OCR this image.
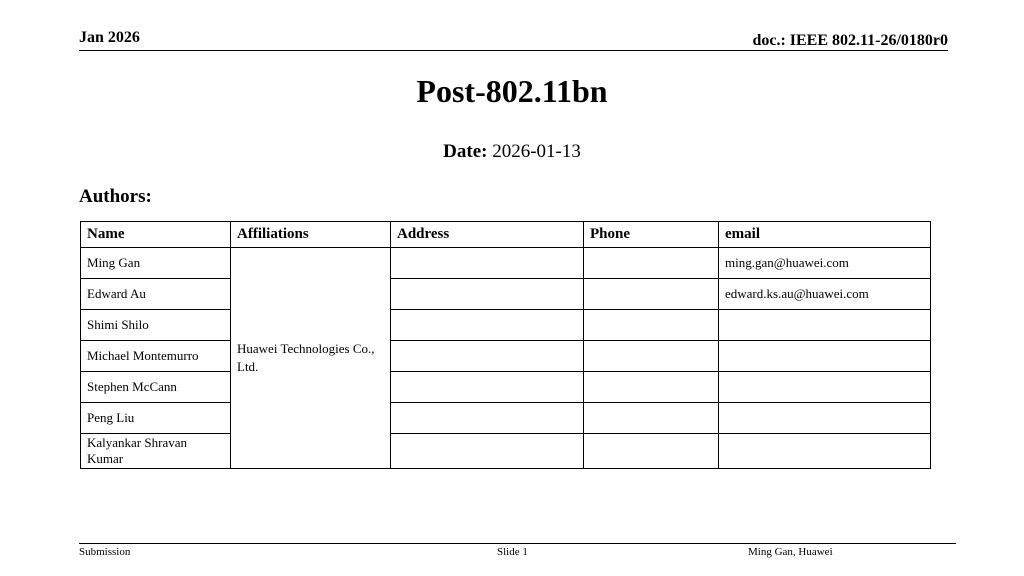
Jan 2026	doc.: IEEE 802.11-26/0180r0
Post-802.11bn
Date: 2026-01-13
Authors:
Name	Affiliations	Address	Phone	email
Ming Gan	Huawei Technologies Co., Ltd.			ming.gan@huawei.com
Edward Au				edward.ks.au@huawei.com
Shimi Shilo				
Michael Montemurro				
Stephen McCann				
Peng Liu				
Kalyankar Shravan Kumar				
Submission	Slide 1	Ming Gan, Huawei
